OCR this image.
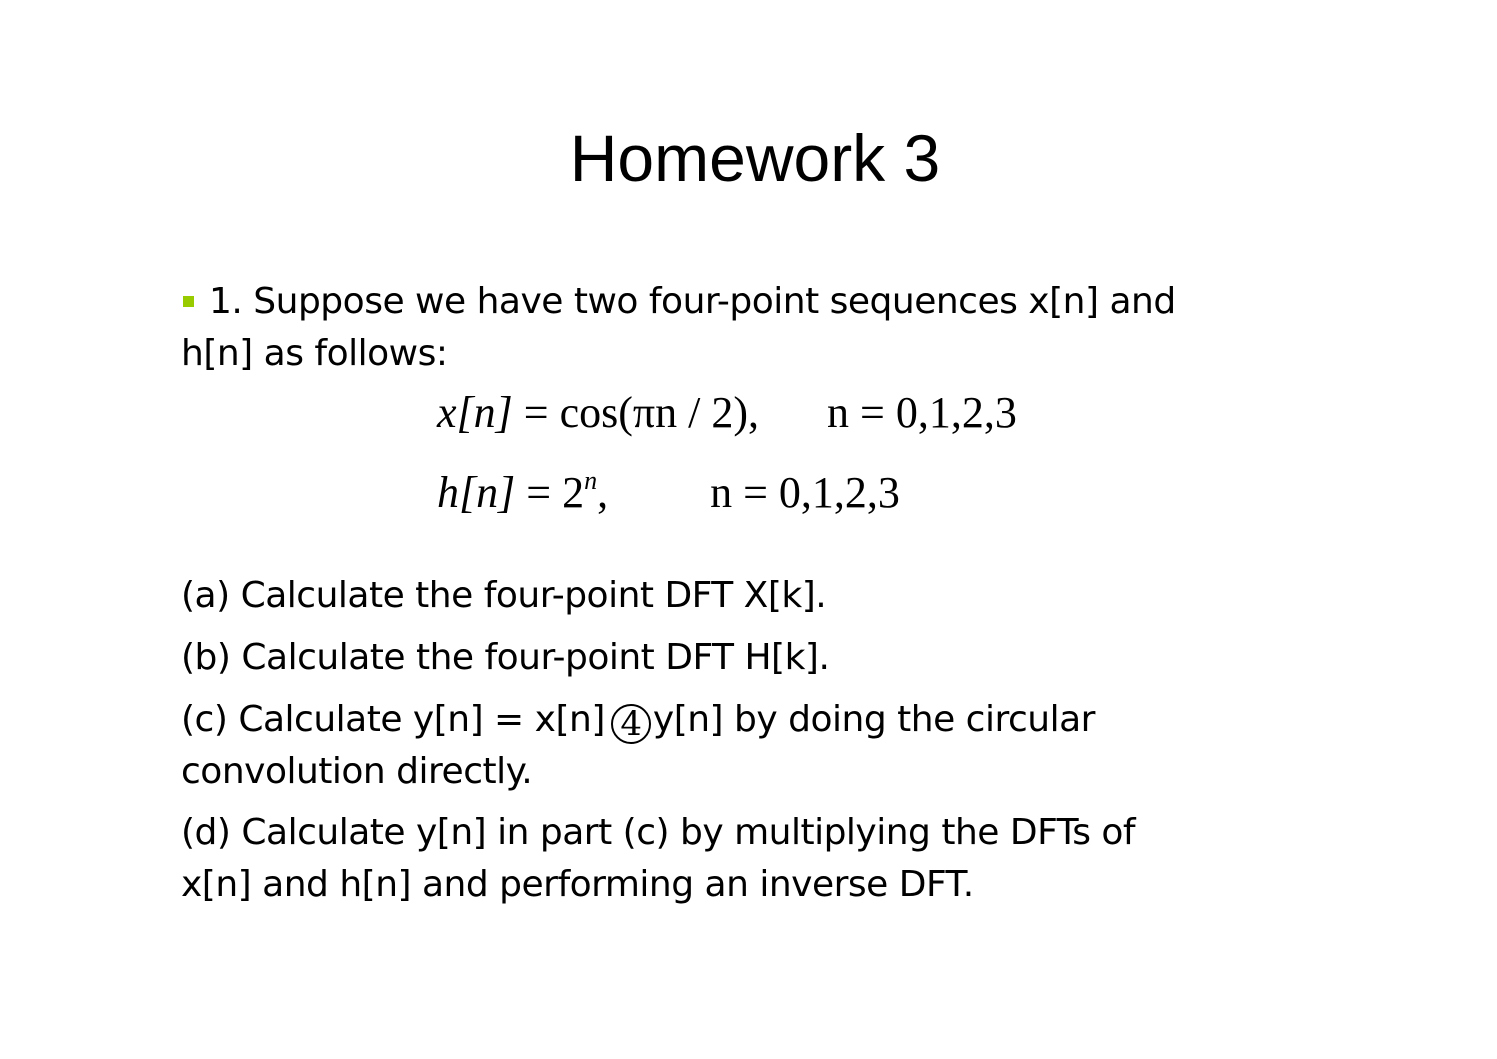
Homework 3
1. Suppose we have two four-point sequences x[n] and
h[n] as follows:
x[n] = cos(πn / 2), n = 0,1,2,3
$h[n] = 2^n$, n = 0,1,2,3
(a) Calculate the four-point DFT X[k].
(b) Calculate the four-point DFT H[k].
(c) Calculate y[n] = x[n] 4 y[n] by doing the circular
convolution directly.
(d) Calculate y[n] in part (c) by multiplying the DFTs of
x[n] and h[n] and performing an inverse DFT.
